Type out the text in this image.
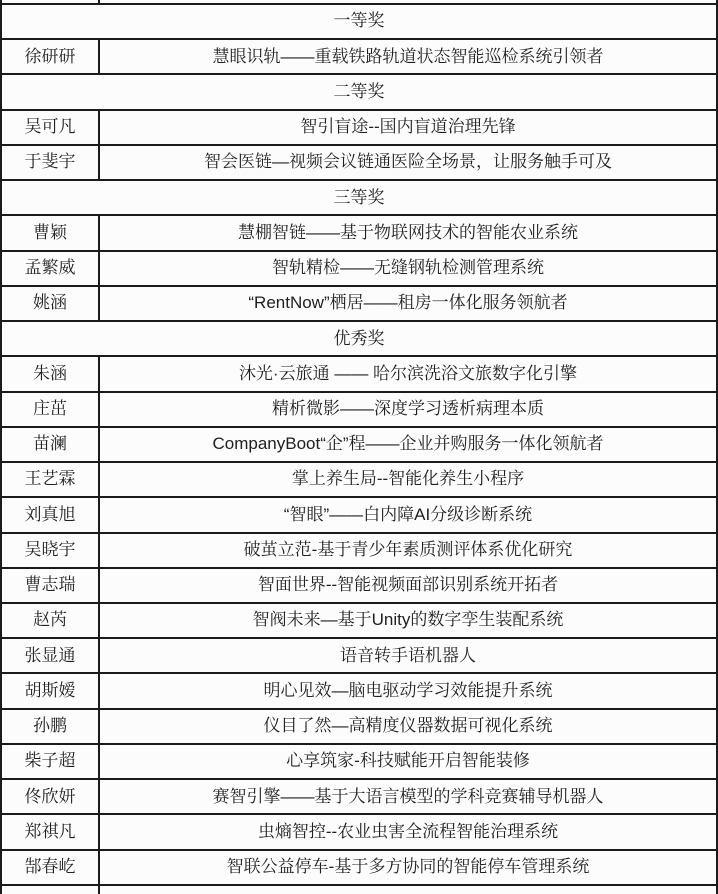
一等奖
徐研研	慧眼识轨——重载铁路轨道状态智能巡检系统引领者
二等奖
吴可凡	智引盲途--国内盲道治理先锋
于斐宇	智会医链—视频会议链通医险全场景，让服务触手可及
三等奖
曹颖	慧棚智链——基于物联网技术的智能农业系统
孟繁威	智轨精检——无缝钢轨检测管理系统
姚涵	“RentNow”栖居——租房一体化服务领航者
优秀奖
朱涵	沐光·云旅通 —— 哈尔滨洗浴文旅数字化引擎
庄茁	精析微影——深度学习透析病理本质
苗澜	CompanyBoot“企”程——企业并购服务一体化领航者
王艺霖	掌上养生局--智能化养生小程序
刘真旭	“智眼”——白内障AI分级诊断系统
吴晓宇	破茧立范-基于青少年素质测评体系优化研究
曹志瑞	智面世界--智能视频面部识别系统开拓者
赵芮	智阀未来—基于Unity的数字孪生装配系统
张显通	语音转手语机器人
胡斯嫒	明心见效—脑电驱动学习效能提升系统
孙鹏	仪目了然—高精度仪器数据可视化系统
柴子超	心享筑家-科技赋能开启智能装修
佟欣妍	赛智引擎——基于大语言模型的学科竞赛辅导机器人
郑祺凡	虫熵智控--农业虫害全流程智能治理系统
郜春屹	智联公益停车-基于多方协同的智能停车管理系统
